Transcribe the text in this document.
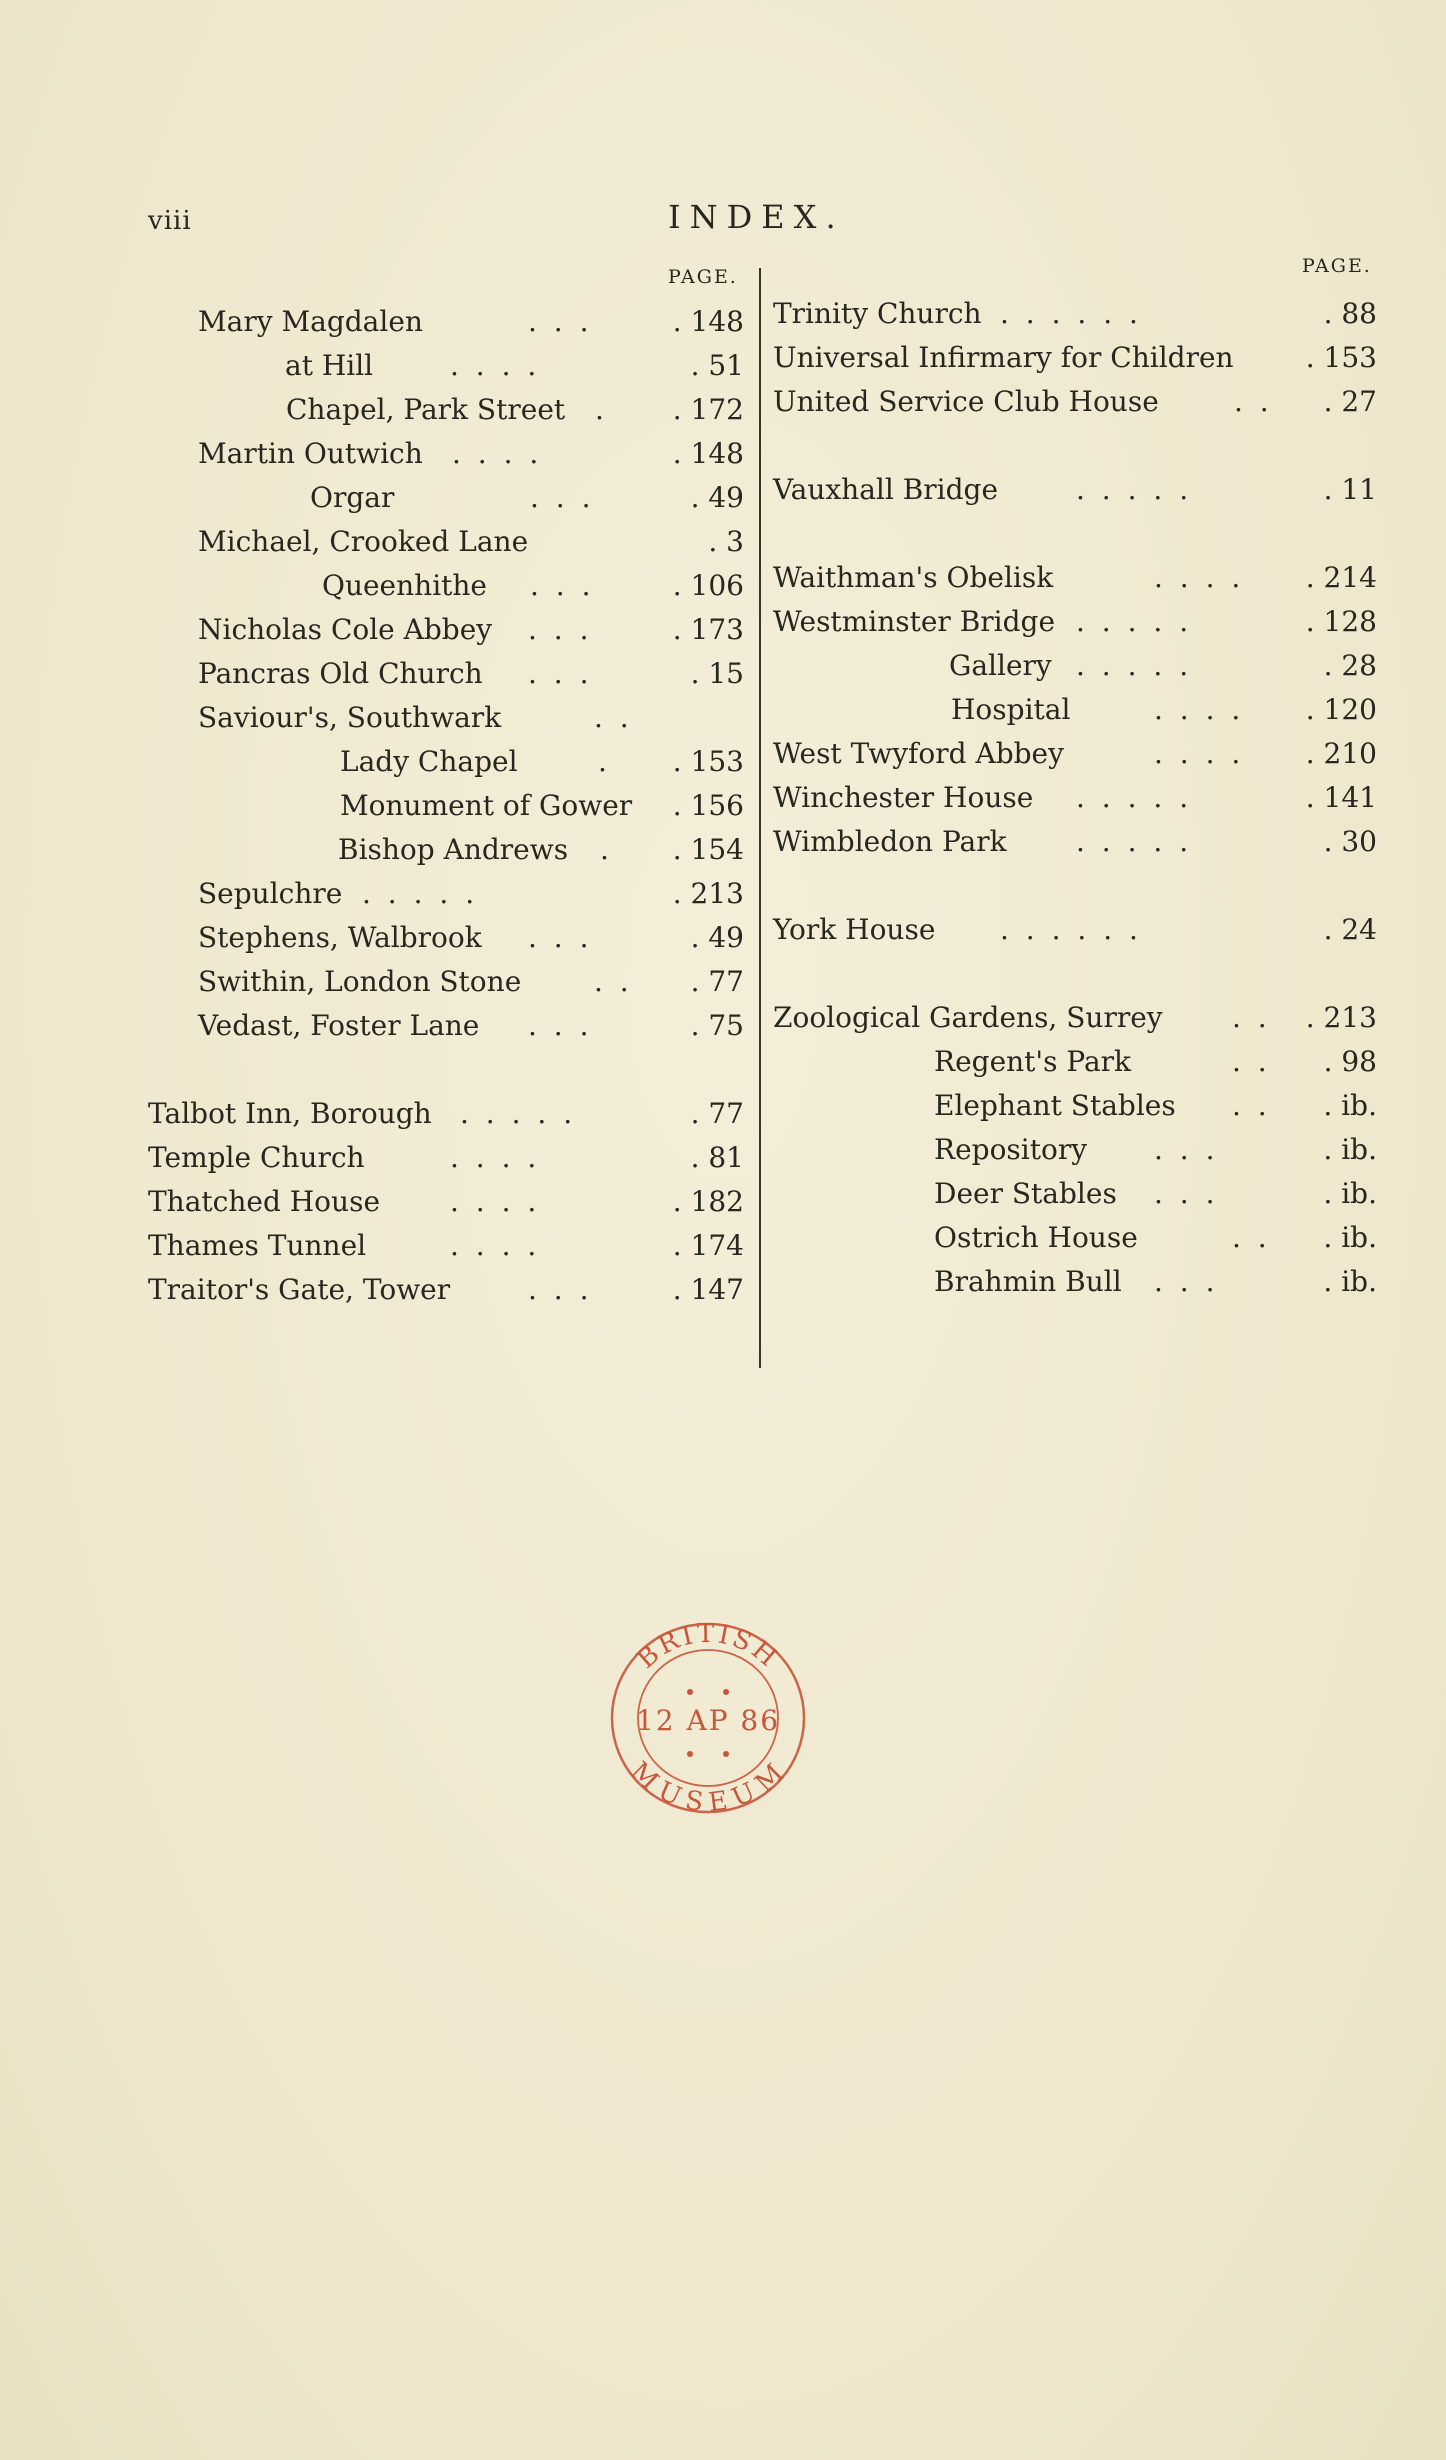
viii	INDEX.
PAGE.	PAGE.
Mary Magdalen	. . .	. 148
at Hill	. . . .	. 51
Chapel, Park Street . . 172
Martin Outwich . . . .	. 148
Orgar	. . .	. 49
Michael, Crooked Lane	. 3
Queenhithe . . .	. 106
Nicholas Cole Abbey . . .	. 173
Pancras Old Church . . .	. 15
Saviour's, Southwark	. .
Lady Chapel	. . 153
Monument of Gower . 156
Bishop Andrews . . 154
Sepulchre . . . . .	. 213
Stephens, Walbrook . . .	. 49
Swithin, London Stone	. . . 77
Vedast, Foster Lane . . .	. 75
Talbot Inn, Borough . . . . .	. 77
Temple Church	. . . .	. 81
Thatched House . . . .	. 182
Thames Tunnel	. . . .	. 174
Traitor's Gate, Tower	. . .	. 147
Trinity Church . . . . . .	. 88
Universal Infirmary for Children	. 153
United Service Club House	. . . 27
Vauxhall Bridge	. . . . .	. 11
Waithman's Obelisk	. . . . . 214
Westminster Bridge . . . . .	. 128
Gallery . . . . .	. 28
Hospital	. . . . . 120
West Twyford Abbey	. . . . . 210
Winchester House . . . . .	. 141
Wimbledon Park . . . . .	. 30
York House . . . . . .	. 24
Zoological Gardens, Surrey . . . 213
Regent's Park	. . . 98
Elephant Stables . . . ib.
Repository . . .	. ib.
Deer Stables . . .	. ib.
Ostrich House	. . . ib.
Brahmin Bull . . .	. ib.
BRITISH
12 AP 86
MUSEUM
